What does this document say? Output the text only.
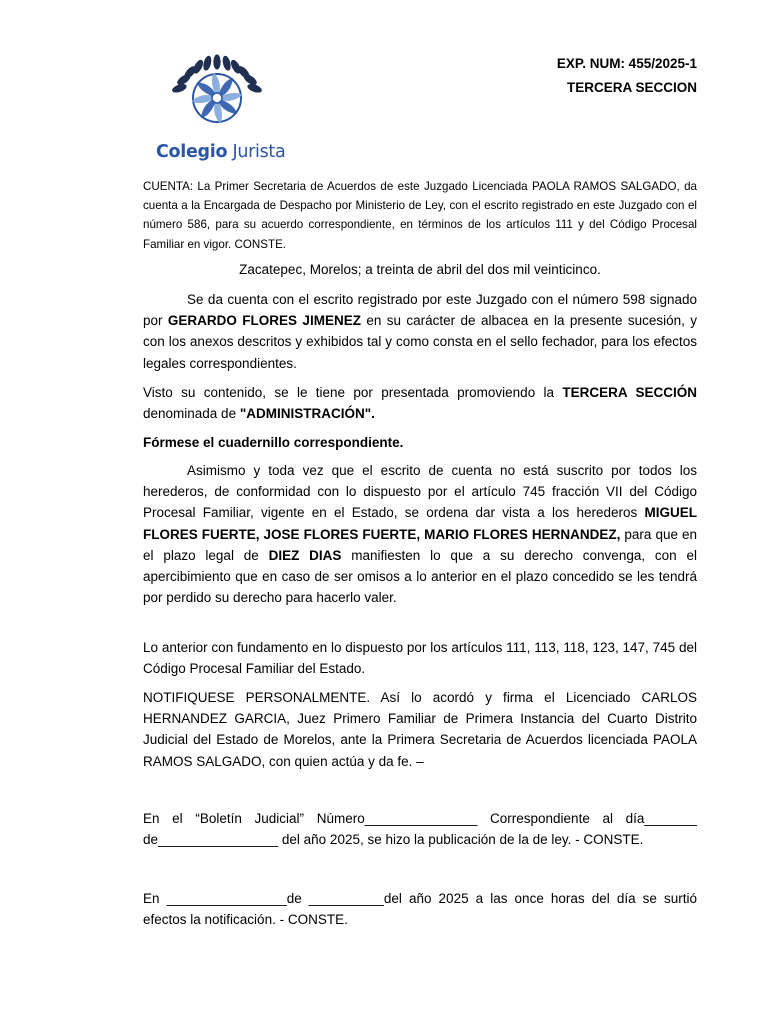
Colegio Jurista
EXP. NUM: 455/2025-1
TERCERA SECCION

CUENTA: La Primer Secretaria de Acuerdos de este Juzgado Licenciada PAOLA RAMOS SALGADO, da cuenta a la Encargada de Despacho por Ministerio de Ley, con el escrito registrado en este Juzgado con el número 586, para su acuerdo correspondiente, en términos de los artículos 111 y del Código Procesal Familiar en vigor. CONSTE.

Zacatepec, Morelos; a treinta de abril del dos mil veinticinco.

Se da cuenta con el escrito registrado por este Juzgado con el número 598 signado por GERARDO FLORES JIMENEZ en su carácter de albacea en la presente sucesión, y con los anexos descritos y exhibidos tal y como consta en el sello fechador, para los efectos legales correspondientes.

Visto su contenido, se le tiene por presentada promoviendo la TERCERA SECCIÓN denominada de "ADMINISTRACIÓN".

Fórmese el cuadernillo correspondiente.

Asimismo y toda vez que el escrito de cuenta no está suscrito por todos los herederos, de conformidad con lo dispuesto por el artículo 745 fracción VII del Código Procesal Familiar, vigente en el Estado, se ordena dar vista a los herederos MIGUEL FLORES FUERTE, JOSE FLORES FUERTE, MARIO FLORES HERNANDEZ, para que en el plazo legal de DIEZ DIAS manifiesten lo que a su derecho convenga, con el apercibimiento que en caso de ser omisos a lo anterior en el plazo concedido se les tendrá por perdido su derecho para hacerlo valer.

Lo anterior con fundamento en lo dispuesto por los artículos 111, 113, 118, 123, 147, 745 del Código Procesal Familiar del Estado.

NOTIFIQUESE PERSONALMENTE. Así lo acordó y firma el Licenciado CARLOS HERNANDEZ GARCIA, Juez Primero Familiar de Primera Instancia del Cuarto Distrito Judicial del Estado de Morelos, ante la Primera Secretaria de Acuerdos licenciada PAOLA RAMOS SALGADO, con quien actúa y da fe. –

En el “Boletín Judicial” Número_______________ Correspondiente al día_______ de________________ del año 2025, se hizo la publicación de la de ley. - CONSTE.

En ________________de __________del año 2025 a las once horas del día se surtió efectos la notificación. - CONSTE.
